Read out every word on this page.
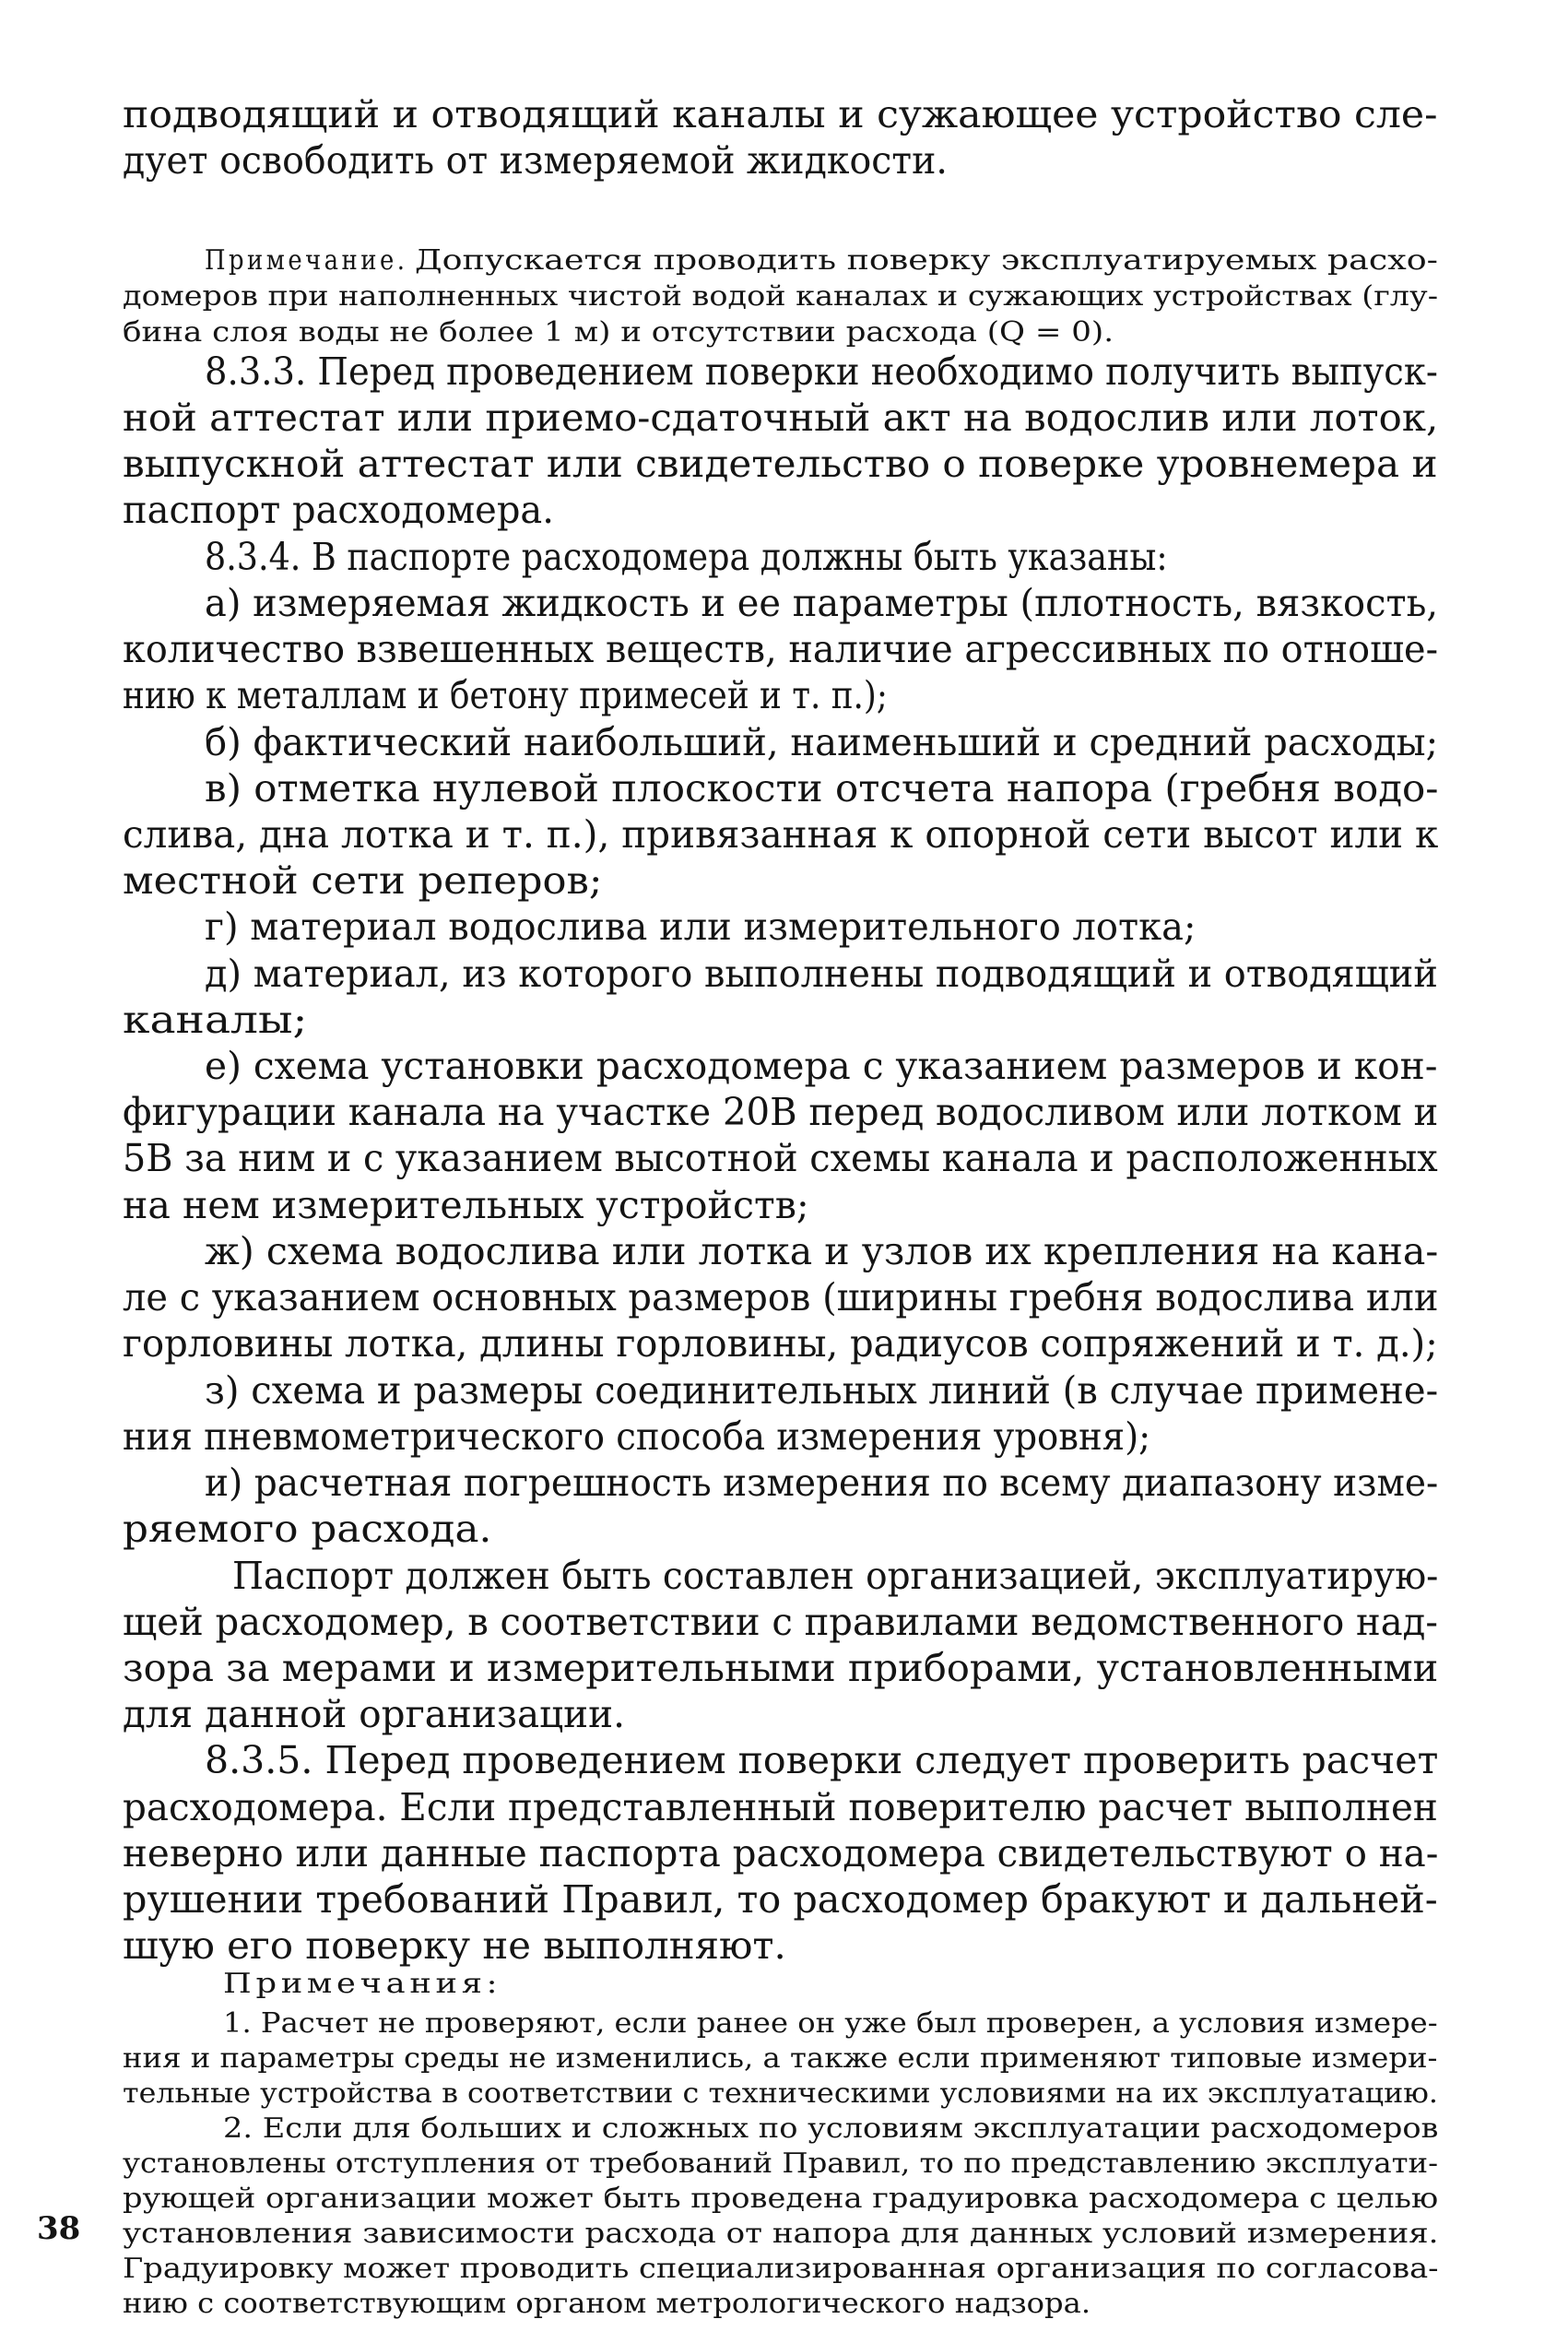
подводящий и отводящий каналы и сужающее устройство сле-
дует освободить от измеряемой жидкости.
Примечание. Допускается проводить поверку эксплуатируемых расхо-
домеров при наполненных чистой водой каналах и сужающих устройствах (глу-
бина слоя воды не более 1 м) и отсутствии расхода (Q = 0).
8.3.3. Перед проведением поверки необходимо получить выпуск-
ной аттестат или приемо-сдаточный акт на водослив или лоток,
выпускной аттестат или свидетельство о поверке уровнемера и
паспорт расходомера.
8.3.4. В паспорте расходомера должны быть указаны:
а) измеряемая жидкость и ее параметры (плотность, вязкость,
количество взвешенных веществ, наличие агрессивных по отноше-
нию к металлам и бетону примесей и т. п.);
б) фактический наибольший, наименьший и средний расходы;
в) отметка нулевой плоскости отсчета напора (гребня водо-
слива, дна лотка и т. п.), привязанная к опорной сети высот или к
местной сети реперов;
г) материал водослива или измерительного лотка;
д) материал, из которого выполнены подводящий и отводящий
каналы;
е) схема установки расходомера с указанием размеров и кон-
фигурации канала на участке 20B перед водосливом или лотком и
5B за ним и с указанием высотной схемы канала и расположенных
на нем измерительных устройств;
ж) схема водослива или лотка и узлов их крепления на кана-
ле с указанием основных размеров (ширины гребня водослива или
горловины лотка, длины горловины, радиусов сопряжений и т. д.);
з) схема и размеры соединительных линий (в случае примене-
ния пневмометрического способа измерения уровня);
и) расчетная погрешность измерения по всему диапазону изме-
ряемого расхода.
Паспорт должен быть составлен организацией, эксплуатирую-
щей расходомер, в соответствии с правилами ведомственного над-
зора за мерами и измерительными приборами, установленными
для данной организации.
8.3.5. Перед проведением поверки следует проверить расчет
расходомера. Если представленный поверителю расчет выполнен
неверно или данные паспорта расходомера свидетельствуют о на-
рушении требований Правил, то расходомер бракуют и дальней-
шую его поверку не выполняют.
Примечания:
1. Расчет не проверяют, если ранее он уже был проверен, а условия измере-
ния и параметры среды не изменились, а также если применяют типовые измери-
тельные устройства в соответствии с техническими условиями на их эксплуатацию.
2. Если для больших и сложных по условиям эксплуатации расходомеров
установлены отступления от требований Правил, то по представлению эксплуати-
рующей организации может быть проведена градуировка расходомера с целью
установления зависимости расхода от напора для данных условий измерения.
Градуировку может проводить специализированная организация по согласова-
нию с соответствующим органом метрологического надзора.
38
